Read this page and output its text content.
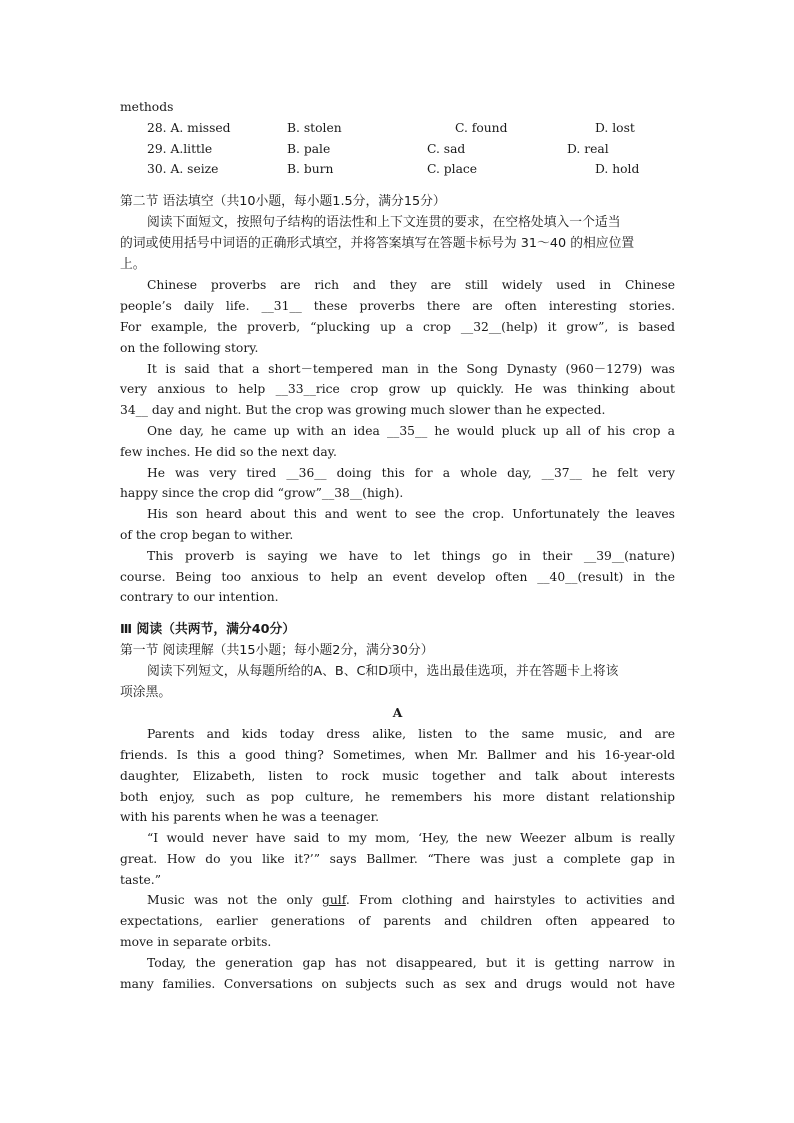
methods
28. A. missed	B. stolen	C. found	D. lost
29. A.little	B. pale	C. sad	D. real
30. A. seize	B. burn	C. place	D. hold
第二节 语法填空（共10小题，每小题1.5分，满分15分）
阅读下面短文，按照句子结构的语法性和上下文连贯的要求，在空格处填入一个适当
的词或使用括号中词语的正确形式填空，并将答案填写在答题卡标号为 31～40 的相应位置
上。
Chinese proverbs are rich and they are still widely used in Chinese
people’s daily life. __31__ these proverbs there are often interesting stories.
For example, the proverb, “plucking up a crop __32__(help) it grow”, is based
on the following story.
It is said that a short－tempered man in the Song Dynasty (960－1279) was
very anxious to help __33__rice crop grow up quickly. He was thinking about
34__ day and night. But the crop was growing much slower than he expected.
One day, he came up with an idea __35__ he would pluck up all of his crop a
few inches. He did so the next day.
He was very tired __36__ doing this for a whole day, __37__ he felt very
happy since the crop did “grow”__38__(high).
His son heard about this and went to see the crop. Unfortunately the leaves
of the crop began to wither.
This proverb is saying we have to let things go in their __39__(nature)
course. Being too anxious to help an event develop often __40__(result) in the
contrary to our intention.
Ⅲ 阅读（共两节，满分40分）
第一节 阅读理解（共15小题；每小题2分，满分30分）
阅读下列短文，从每题所给的A、B、C和D项中，选出最佳选项，并在答题卡上将该
项涂黑。
A
Parents and kids today dress alike, listen to the same music, and are
friends. Is this a good thing? Sometimes, when Mr. Ballmer and his 16-year-old
daughter, Elizabeth, listen to rock music together and talk about interests
both enjoy, such as pop culture, he remembers his more distant relationship
with his parents when he was a teenager.
“I would never have said to my mom, ‘Hey, the new Weezer album is really
great. How do you like it?’” says Ballmer. “There was just a complete gap in
taste.”
Music was not the only gulf. From clothing and hairstyles to activities and
expectations, earlier generations of parents and children often appeared to
move in separate orbits.
Today, the generation gap has not disappeared, but it is getting narrow in
many families. Conversations on subjects such as sex and drugs would not have
